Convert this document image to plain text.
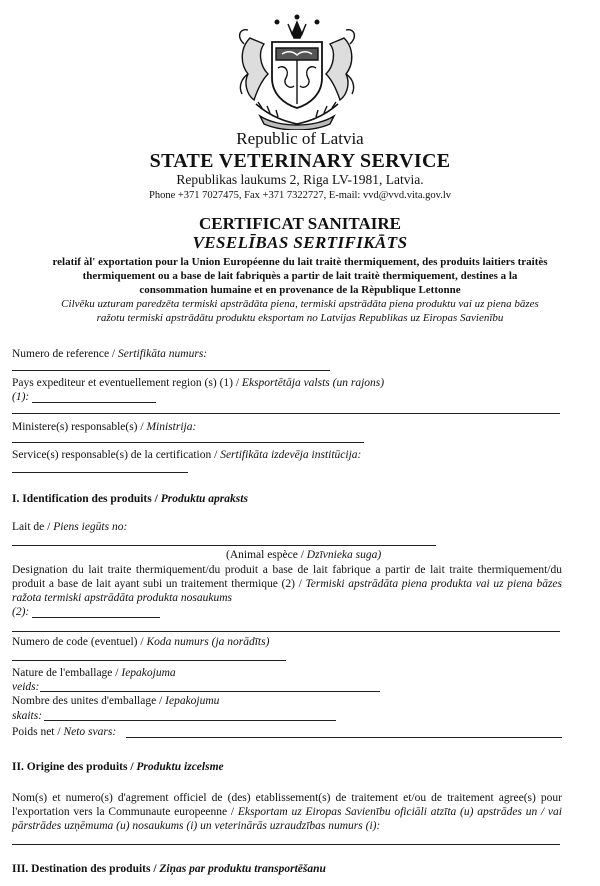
Republic of Latvia
STATE VETERINARY SERVICE
Republikas laukums 2, Riga LV-1981, Latvia.
Phone +371 7027475, Fax +371 7322727, E-mail: vvd@vvd.vita.gov.lv
CERTIFICAT SANITAIRE
VESELĪBAS SERTIFIKĀTS
relatif àl' exportation pour la Union Européenne du lait traitè thermiquement, des produits laitiers traitès
thermiquement ou a base de lait fabriquès a partir de lait traitè thermiquement, destines a la
consommation humaine et en provenance de la Rèpublique Lettonne
Cilvēku uzturam paredzēta termiski apstrādāta piena, termiski apstrādāta piena produktu vai uz piena bāzes
ražotu termiski apstrādātu produktu eksportam no Latvijas Republikas uz Eiropas Savienību
Numero de reference / Sertifikāta numurs:
Pays expediteur et eventuellement region (s) (1) / Eksportētāja valsts (un rajons)
(1):
Ministere(s) responsable(s) / Ministrija:
Service(s) responsable(s) de la certification / Sertifikāta izdevēja institūcija:
I. Identification des produits / Produktu apraksts
Lait de / Piens iegūts no:
(Animal espèce / Dzīvnieka suga)
Designation du lait traite thermiquement/du produit a base de lait fabrique a partir de lait traite thermiquement/du produit a base de lait ayant subi un traitement thermique (2) / Termiski apstrādāta piena produkta vai uz piena bāzes ražota termiski apstrādāta produkta nosaukums
(2):
Numero de code (eventuel) / Koda numurs (ja norādīts)
Nature de l'emballage / Iepakojuma
veids:
Nombre des unites d'emballage / Iepakojumu
skaits:
Poids net / Neto svars:
II. Origine des produits / Produktu izcelsme
Nom(s) et numero(s) d'agrement officiel de (des) etablissement(s) de traitement et/ou de traitement agree(s) pour l'exportation vers la Communaute europeenne / Eksportam uz Eiropas Savienību oficiāli atzīta (u) apstrādes un / vai pārstrādes uzņēmuma (u) nosaukums (i) un veterinārās uzraudzības numurs (i):
III. Destination des produits / Ziņas par produktu transportēšanu
